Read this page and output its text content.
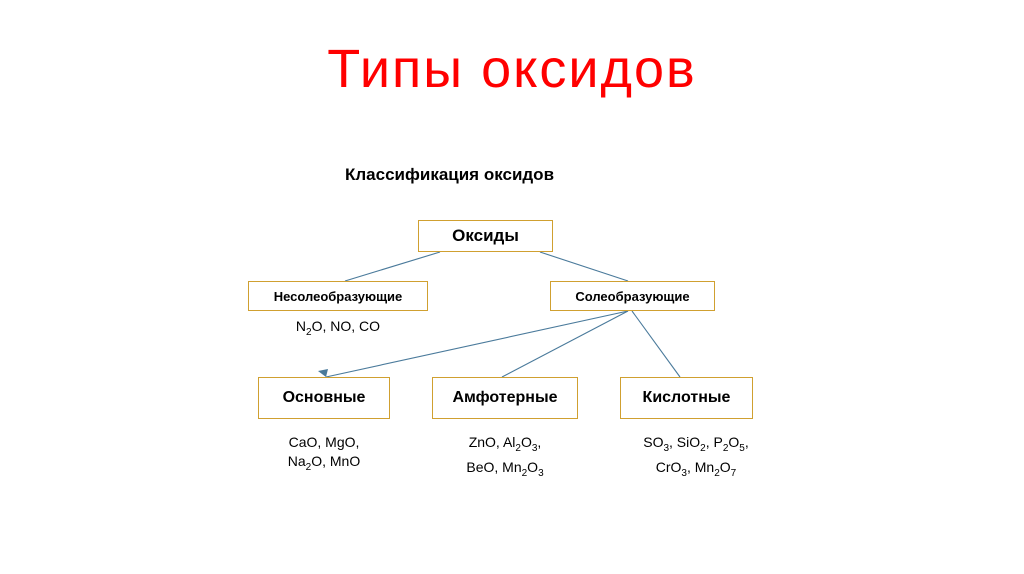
Типы оксидов
Классификация оксидов
Оксиды
Несолеобразующие	Солеобразующие
$N_2O$, NO, CO
Основные	Амфотерные	Кислотные
CaO, MgO,
$Na_2O$, MnO
ZnO, $Al_2O_3$,
BeO, $Mn_2O_3$
$SO_3$, SiO$_2$, $P_2O_5$,
CrO$_3$, $Mn_2O_7$
